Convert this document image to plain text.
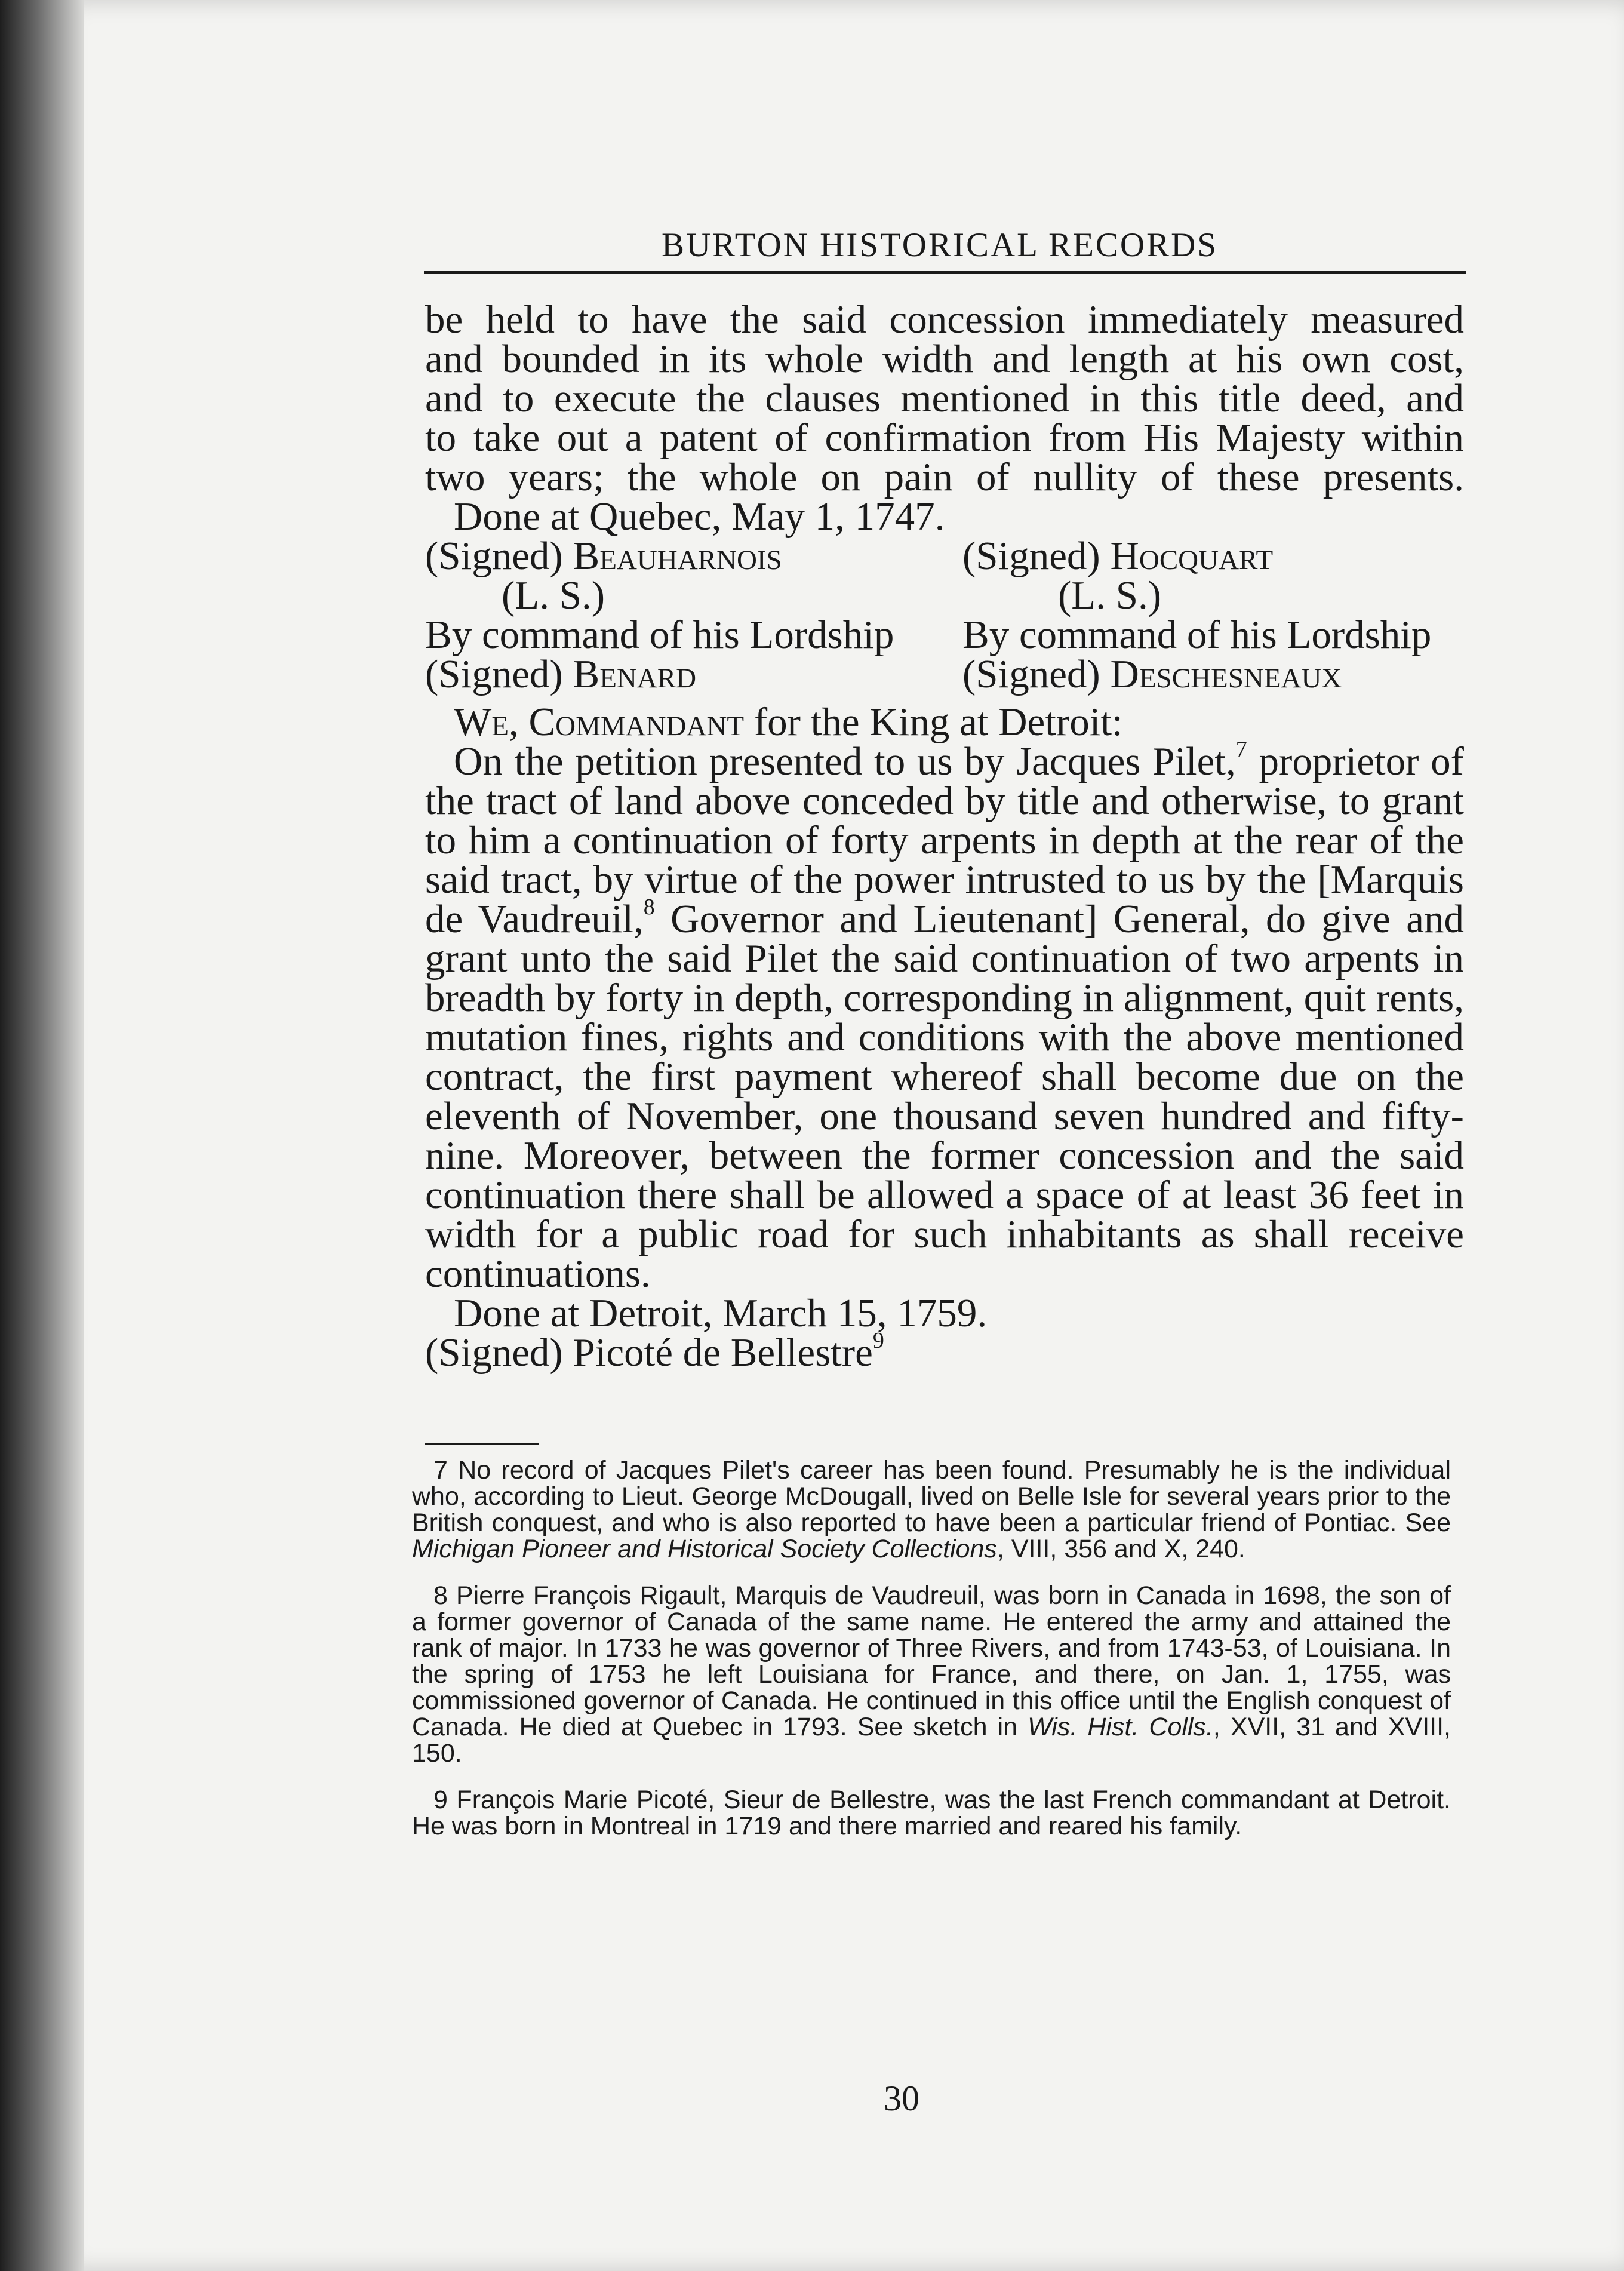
BURTON HISTORICAL RECORDS

be held to have the said concession immediately measured

and bounded in its whole width and length at his own cost,

and to execute the clauses mentioned in this title deed, and

to take out a patent of confirmation from His Majesty within

two years; the whole on pain of nullity of these presents.

Done at Quebec, May 1, 1747.

(Signed) Beauharnois	(Signed) Hocquart
(L. S.)	(L. S.)
By command of his Lordship	By command of his Lordship
(Signed) Benard	(Signed) Deschesneaux

We, Commandant for the King at Detroit:

On the petition presented to us by Jacques Pilet,$^7$ proprietor of the tract of land above conceded by title and otherwise, to grant to him a continuation of forty arpents in depth at the rear of the said tract, by virtue of the power intrusted to us by the [Marquis de Vaudreuil,$^8$ Governor and Lieutenant] General, do give and grant unto the said Pilet the said continuation of two arpents in breadth by forty in depth, corresponding in alignment, quit rents, mutation fines, rights and conditions with the above mentioned contract, the first payment whereof shall become due on the eleventh of November, one thousand seven hundred and fifty-nine. Moreover, between the former concession and the said continuation there shall be allowed a space of at least 36 feet in width for a public road for such inhabitants as shall receive continuations.

Done at Detroit, March 15, 1759.

(Signed) Picoté de Bellestre$^9$

7 No record of Jacques Pilet's career has been found. Presumably he is the individual who, according to Lieut. George McDougall, lived on Belle Isle for several years prior to the British conquest, and who is also reported to have been a particular friend of Pontiac. See Michigan Pioneer and Historical Society Collections, VIII, 356 and X, 240.

8 Pierre François Rigault, Marquis de Vaudreuil, was born in Canada in 1698, the son of a former governor of Canada of the same name. He entered the army and attained the rank of major. In 1733 he was governor of Three Rivers, and from 1743-53, of Louisiana. In the spring of 1753 he left Louisiana for France, and there, on Jan. 1, 1755, was commissioned governor of Canada. He continued in this office until the English conquest of Canada. He died at Quebec in 1793. See sketch in Wis. Hist. Colls., XVII, 31 and XVIII, 150.

9 François Marie Picoté, Sieur de Bellestre, was the last French commandant at Detroit. He was born in Montreal in 1719 and there married and reared his family.

30
